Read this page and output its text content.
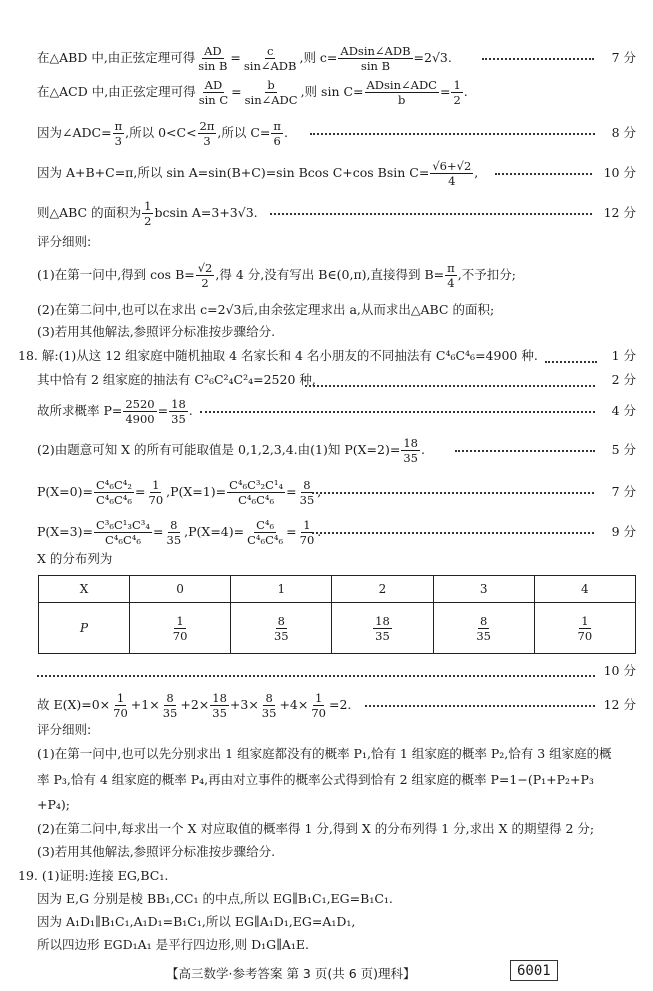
在△ABD 中,由正弦定理可得 $\frac{AD}{\text{sin B}} = \frac{c}{\text{sin∠ADB}}$ ,则 $c= \frac{\text{ADsin∠ADB}}{\text{sin B}} =2√3$.	7 分
在△ACD 中,由正弦定理可得 $\frac{AD}{\text{sin C}} = \frac{b}{\text{sin∠ADC}}$ ,则 $\sin C= \frac{\text{ADsin∠ADC}}{b} = \frac{1}{2}$ .
因为∠ADC= $\frac{\pi}{3}$ ,所以 $0<C< \frac{2\pi}{3}$ ,所以 $C= \frac{\pi}{6}$ .	8 分
因为 A+B+C=π,所以 sin A=sin(B+C)=sin Bcos C+cos Bsin $C= \frac{√6+√2}{4}$ ,	10 分
则△ABC 的面积为 $\frac{1}{2}$ bcsin A=3+3√3.	12 分
评分细则:
(1)在第一问中,得到 $\cos B= \frac{√2}{2}$ ,得 4 分,没有写出 B∈(0,π),直接得到 $B= \frac{\pi}{4}$ ,不予扣分;
(2)在第二问中,也可以在求出 c=2√3后,由余弦定理求出 a,从而求出△ABC 的面积;
(3)若用其他解法,参照评分标准按步骤给分.
18. 解:(1)从这 12 组家庭中随机抽取 4 名家长和 4 名小朋友的不同抽法有 C⁴₆C⁴₆=4900 种.	1 分
其中恰有 2 组家庭的抽法有 C²₆C²₄C²₄=2520 种,	2 分
故所求概率 $P= \frac{2520}{4900} = \frac{18}{35}$ .	4 分
(2)由题意可知 X 的所有可能取值是 0,1,2,3,4.由(1)知 $P(X=2)= \frac{18}{35}$ .	5 分
$P(X=0)= \frac{\text{C⁴₆C⁴₂}}{\text{C⁴₆C⁴₆}} = \frac{1}{70} ,P(X=1)= \frac{\text{C⁴₆C³₂C¹₄}}{\text{C⁴₆C⁴₆}} = \frac{8}{35}$ ,	7 分
$P(X=3)= \frac{\text{C³₆C¹₃C³₄}}{\text{C⁴₆C⁴₆}} = \frac{8}{35} ,P(X=4)= \frac{\text{C⁴₆}}{\text{C⁴₆C⁴₆}} = \frac{1}{70}$ .	9 分
X 的分布列为
X	0	1	2	3	4
P	$\frac{1}{70}$	$\frac{8}{35}$	$\frac{18}{35}$	$\frac{8}{35}$	$\frac{1}{70}$
10 分
故 $E(X)=0\times \frac{1}{70} +1\times \frac{8}{35} +2\times \frac{18}{35} +3\times \frac{8}{35} +4\times \frac{1}{70} =2$.	12 分
评分细则:
(1)在第一问中,也可以先分别求出 1 组家庭都没有的概率 P₁,恰有 1 组家庭的概率 P₂,恰有 3 组家庭的概
率 P₃,恰有 4 组家庭的概率 P₄,再由对立事件的概率公式得到恰有 2 组家庭的概率 P=1−(P₁+P₂+P₃
+P₄);
(2)在第二问中,每求出一个 X 对应取值的概率得 1 分,得到 X 的分布列得 1 分,求出 X 的期望得 2 分;
(3)若用其他解法,参照评分标准按步骤给分.
19. (1)证明:连接 EG,BC₁.
因为 E,G 分别是棱 BB₁,CC₁ 的中点,所以 EG∥B₁C₁,EG=B₁C₁.
因为 A₁D₁∥B₁C₁,A₁D₁=B₁C₁,所以 EG∥A₁D₁,EG=A₁D₁,
所以四边形 EGD₁A₁ 是平行四边形,则 D₁G∥A₁E.
【高三数学·参考答案 第 3 页(共 6 页)理科】	6001
